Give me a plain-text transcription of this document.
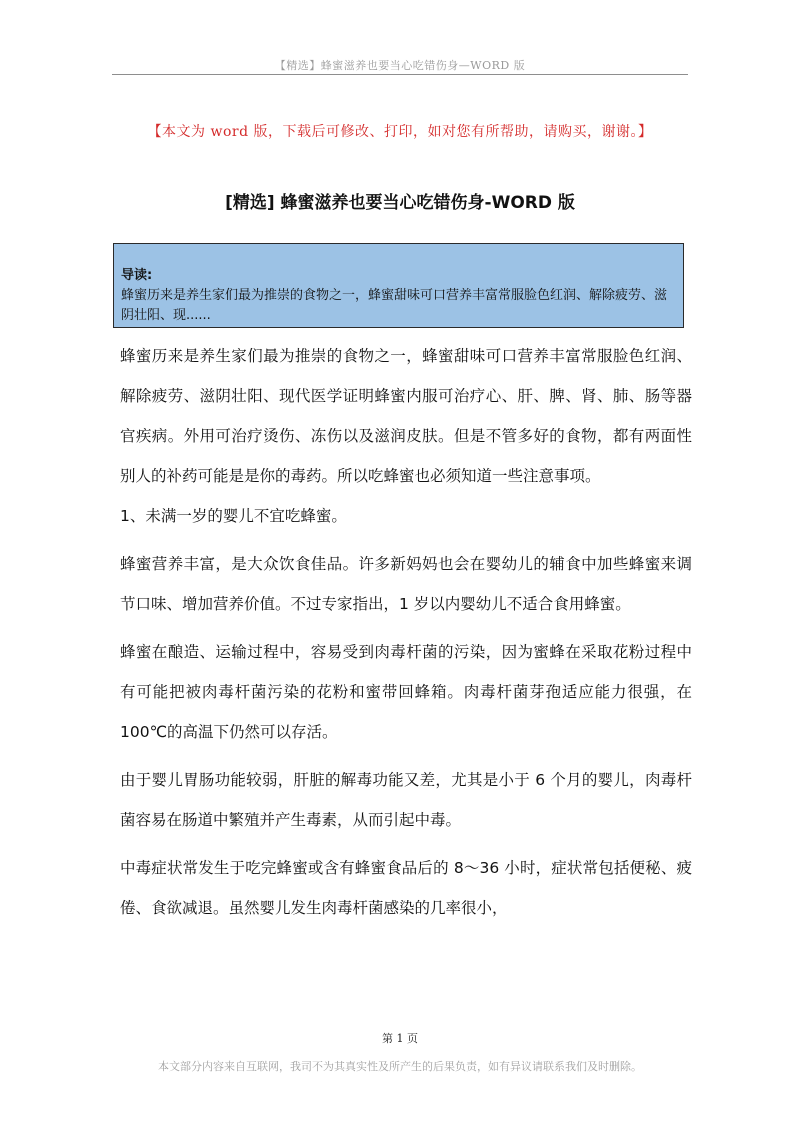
【精选】蜂蜜滋养也要当心吃错伤身—WORD 版
【本文为 word 版，下载后可修改、打印，如对您有所帮助，请购买，谢谢。】
[精选] 蜂蜜滋养也要当心吃错伤身-WORD 版
导读:
蜂蜜历来是养生家们最为推崇的食物之一，蜂蜜甜味可口营养丰富常服脸色红润、解除疲劳、滋阴壮阳、现......

蜂蜜历来是养生家们最为推崇的食物之一，蜂蜜甜味可口营养丰富常服脸色红润、解除疲劳、滋阴壮阳、现代医学证明蜂蜜内服可治疗心、肝、脾、肾、肺、肠等器官疾病。外用可治疗烫伤、冻伤以及滋润皮肤。但是不管多好的食物，都有两面性别人的补药可能是是你的毒药。所以吃蜂蜜也必须知道一些注意事项。

1、未满一岁的婴儿不宜吃蜂蜜。

蜂蜜营养丰富，是大众饮食佳品。许多新妈妈也会在婴幼儿的辅食中加些蜂蜜来调节口味、增加营养价值。不过专家指出，1 岁以内婴幼儿不适合食用蜂蜜。

蜂蜜在酿造、运输过程中，容易受到肉毒杆菌的污染，因为蜜蜂在采取花粉过程中有可能把被肉毒杆菌污染的花粉和蜜带回蜂箱。肉毒杆菌芽孢适应能力很强，在 100℃的高温下仍然可以存活。

由于婴儿胃肠功能较弱，肝脏的解毒功能又差，尤其是小于 6 个月的婴儿，肉毒杆菌容易在肠道中繁殖并产生毒素，从而引起中毒。

中毒症状常发生于吃完蜂蜜或含有蜂蜜食品后的 8～36 小时，症状常包括便秘、疲倦、食欲减退。虽然婴儿发生肉毒杆菌感染的几率很小，

第 1 页
本文部分内容来自互联网，我司不为其真实性及所产生的后果负责，如有异议请联系我们及时删除。
